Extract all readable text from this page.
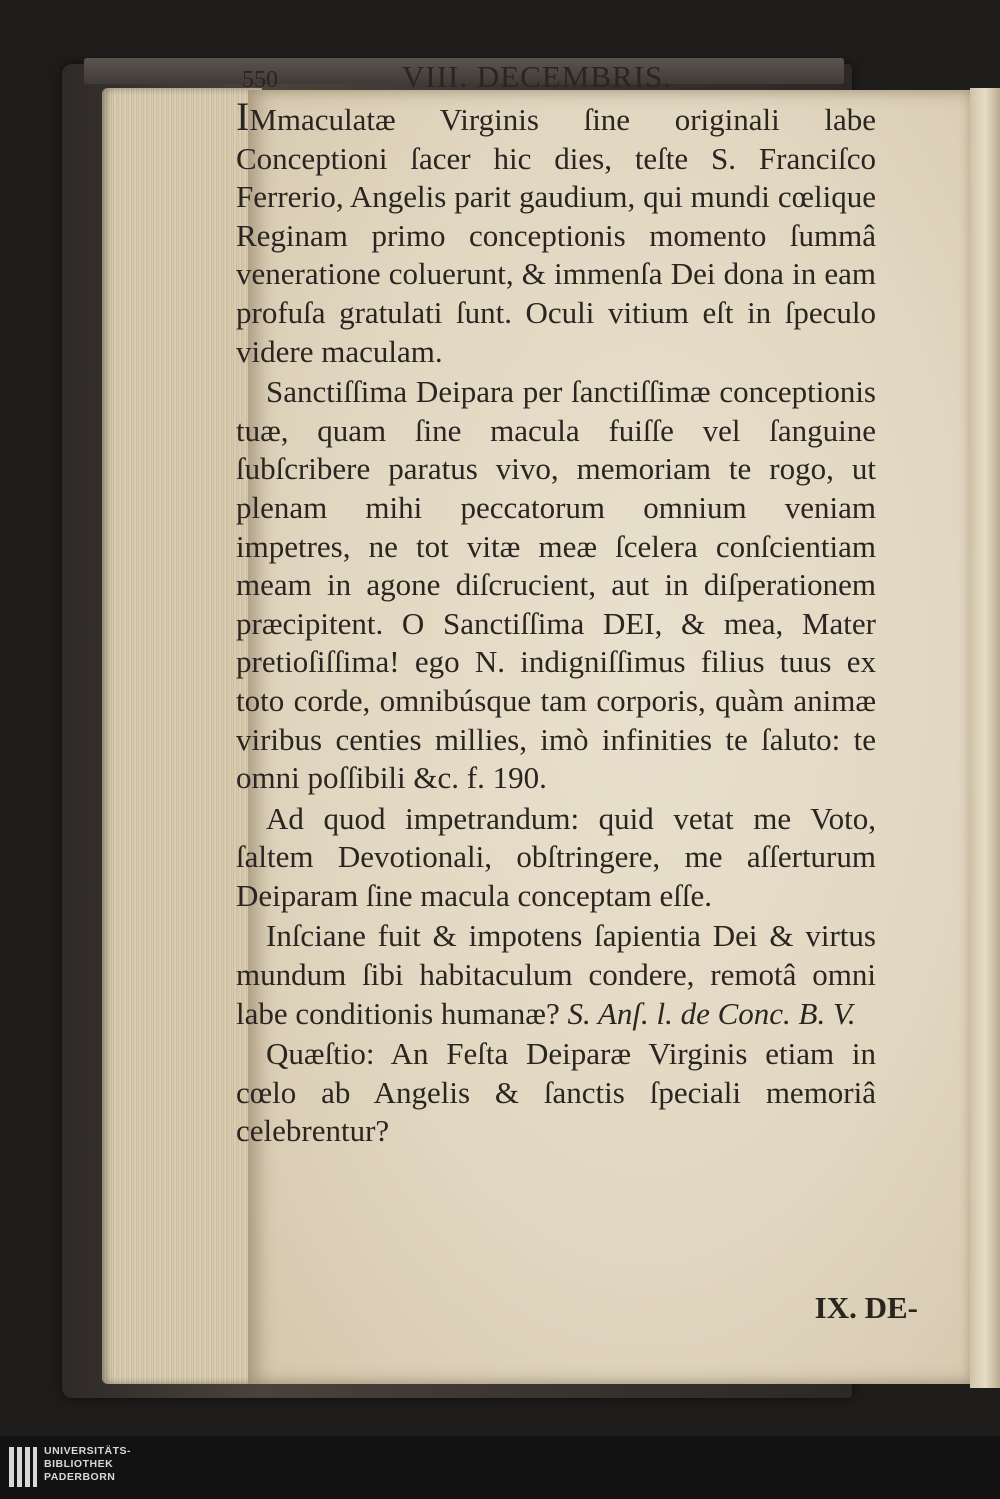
550	VIII. DECEMBRIS.

IMmaculatæ Virginis ſine originali labe Conceptioni ſacer hic dies, teſte S. Franciſco Ferrerio, Angelis parit gaudium, qui mundi cœlique Reginam primo conceptionis momento ſummâ veneratione coluerunt, & immenſa Dei dona in eam profuſa gratulati ſunt. Oculi vitium eſt in ſpeculo videre maculam.

Sanctiſſima Deipara per ſanctiſſimæ conceptionis tuæ, quam ſine macula fuiſſe vel ſanguine ſubſcribere paratus vivo, memoriam te rogo, ut plenam mihi peccatorum omnium veniam impetres, ne tot vitæ meæ ſcelera conſcientiam meam in agone diſcrucient, aut in diſperationem præcipitent. O Sanctiſſima DEI, & mea, Mater pretioſiſſima! ego N. indigniſſimus filius tuus ex toto corde, omnibúsque tam corporis, quàm animæ viribus centies millies, imò infinities te ſaluto: te omni poſſibili &c. f. 190.

Ad quod impetrandum: quid vetat me Voto, ſaltem Devotionali, obſtringere, me aſſerturum Deiparam ſine macula conceptam eſſe.

Inſciane fuit & impotens ſapientia Dei & virtus mundum ſibi habitaculum condere, remotâ omni labe conditionis humanæ? S. Anſ. l. de Conc. B. V.

Quæſtio: An Feſta Deiparæ Virginis etiam in cœlo ab Angelis & ſanctis ſpeciali memoriâ celebrentur?

IX. DE-
UNIVERSITÄTS-
BIBLIOTHEK
PADERBORN
